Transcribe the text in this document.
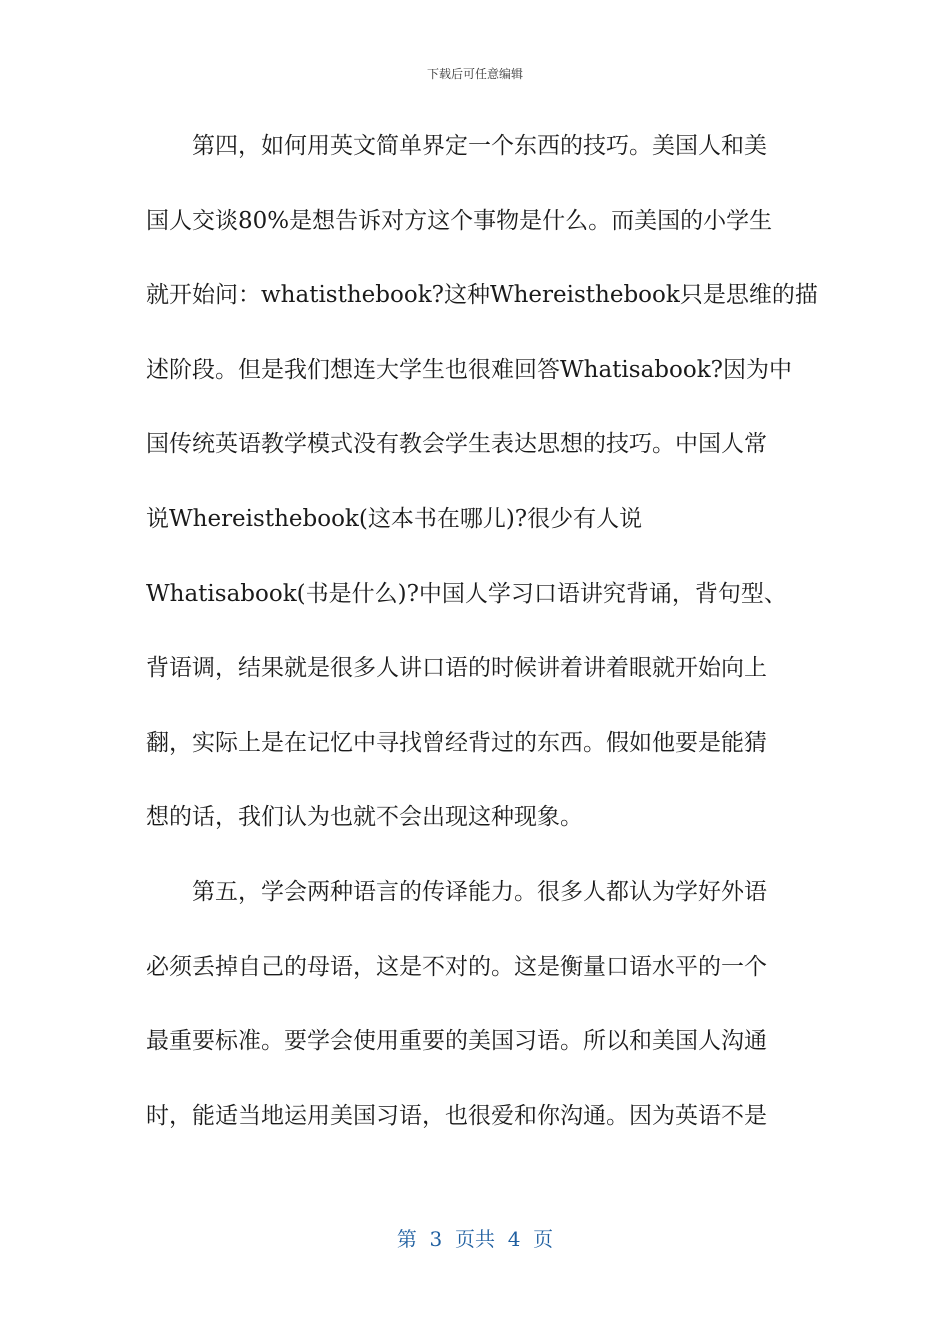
下载后可任意编辑
第四，如何用英文简单界定一个东西的技巧。美国人和美
国人交谈80%是想告诉对方这个事物是什么。而美国的小学生
就开始问：whatisthebook?这种Whereisthebook只是思维的描
述阶段。但是我们想连大学生也很难回答Whatisabook?因为中
国传统英语教学模式没有教会学生表达思想的技巧。中国人常
说Whereisthebook(这本书在哪儿)?很少有人说
Whatisabook(书是什么)?中国人学习口语讲究背诵，背句型、
背语调，结果就是很多人讲口语的时候讲着讲着眼就开始向上
翻，实际上是在记忆中寻找曾经背过的东西。假如他要是能猜
想的话，我们认为也就不会出现这种现象。
第五，学会两种语言的传译能力。很多人都认为学好外语
必须丢掉自己的母语，这是不对的。这是衡量口语水平的一个
最重要标准。要学会使用重要的美国习语。所以和美国人沟通
时，能适当地运用美国习语，也很爱和你沟通。因为英语不是
第  3  页共  4  页
